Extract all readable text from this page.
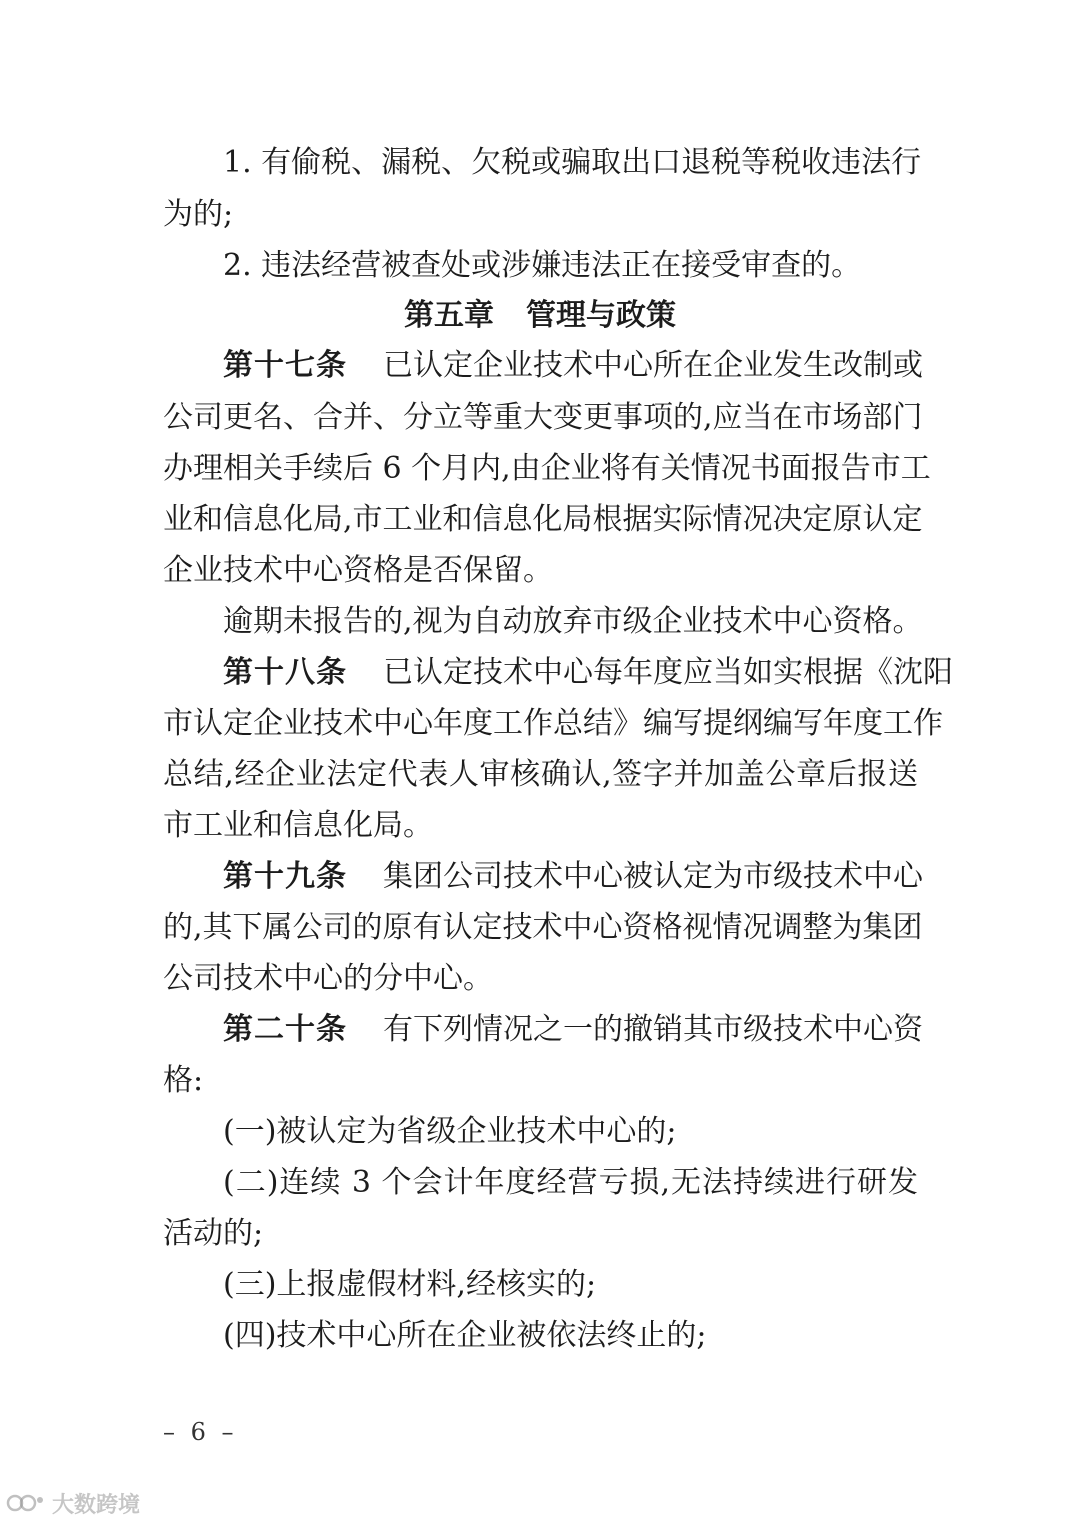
1. 有偷税、漏税、欠税或骗取出口退税等税收违法行
为的;
2. 违法经营被查处或涉嫌违法正在接受审查的。
第五章 管理与政策
第十七条 已认定企业技术中心所在企业发生改制或
公司更名、合并、分立等重大变更事项的,应当在市场部门
办理相关手续后 6 个月内,由企业将有关情况书面报告市工
业和信息化局,市工业和信息化局根据实际情况决定原认定
企业技术中心资格是否保留。
逾期未报告的,视为自动放弃市级企业技术中心资格。
第十八条 已认定技术中心每年度应当如实根据《沈阳
市认定企业技术中心年度工作总结》编写提纲编写年度工作
总结,经企业法定代表人审核确认,签字并加盖公章后报送
市工业和信息化局。
第十九条 集团公司技术中心被认定为市级技术中心
的,其下属公司的原有认定技术中心资格视情况调整为集团
公司技术中心的分中心。
第二十条 有下列情况之一的撤销其市级技术中心资
格:
(一)被认定为省级企业技术中心的;
(二)连续 3 个会计年度经营亏损,无法持续进行研发
活动的;
(三)上报虚假材料,经核实的;
(四)技术中心所在企业被依法终止的;
– 6 –
大数跨境
